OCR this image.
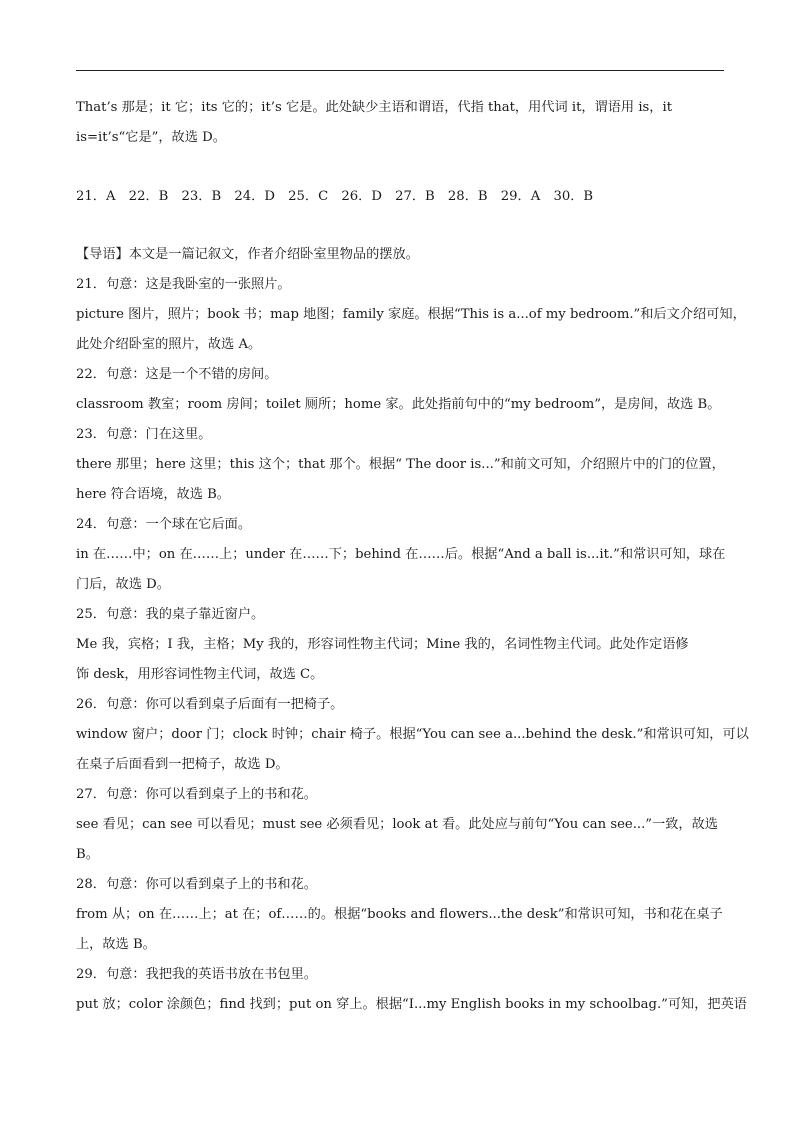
That’s 那是；it 它；its 它的；it’s 它是。此处缺少主语和谓语，代指 that，用代词 it，谓语用 is，it
is=it’s“它是”，故选 D。
21．A　22．B　23．B　24．D　25．C　26．D　27．B　28．B　29．A　30．B
【导语】本文是一篇记叙文，作者介绍卧室里物品的摆放。
21．句意：这是我卧室的一张照片。
picture 图片，照片；book 书；map 地图；family 家庭。根据“This is a...of my bedroom.”和后文介绍可知，
此处介绍卧室的照片，故选 A。
22．句意：这是一个不错的房间。
classroom 教室；room 房间；toilet 厕所；home 家。此处指前句中的“my bedroom”，是房间，故选 B。
23．句意：门在这里。
there 那里；here 这里；this 这个；that 那个。根据“ The door is...”和前文可知，介绍照片中的门的位置，
here 符合语境，故选 B。
24．句意：一个球在它后面。
in 在……中；on 在……上；under 在……下；behind 在……后。根据“And a ball is...it.”和常识可知，球在
门后，故选 D。
25．句意：我的桌子靠近窗户。
Me 我，宾格；I 我，主格；My 我的，形容词性物主代词；Mine 我的，名词性物主代词。此处作定语修
饰 desk，用形容词性物主代词，故选 C。
26．句意：你可以看到桌子后面有一把椅子。
window 窗户；door 门；clock 时钟；chair 椅子。根据“You can see a...behind the desk.”和常识可知，可以
在桌子后面看到一把椅子，故选 D。
27．句意：你可以看到桌子上的书和花。
see 看见；can see 可以看见；must see 必须看见；look at 看。此处应与前句“You can see...”一致，故选
B。
28．句意：你可以看到桌子上的书和花。
from 从；on 在……上；at 在；of……的。根据“books and flowers...the desk”和常识可知，书和花在桌子
上，故选 B。
29．句意：我把我的英语书放在书包里。
put 放；color 涂颜色；find 找到；put on 穿上。根据“I...my English books in my schoolbag.”可知，把英语
